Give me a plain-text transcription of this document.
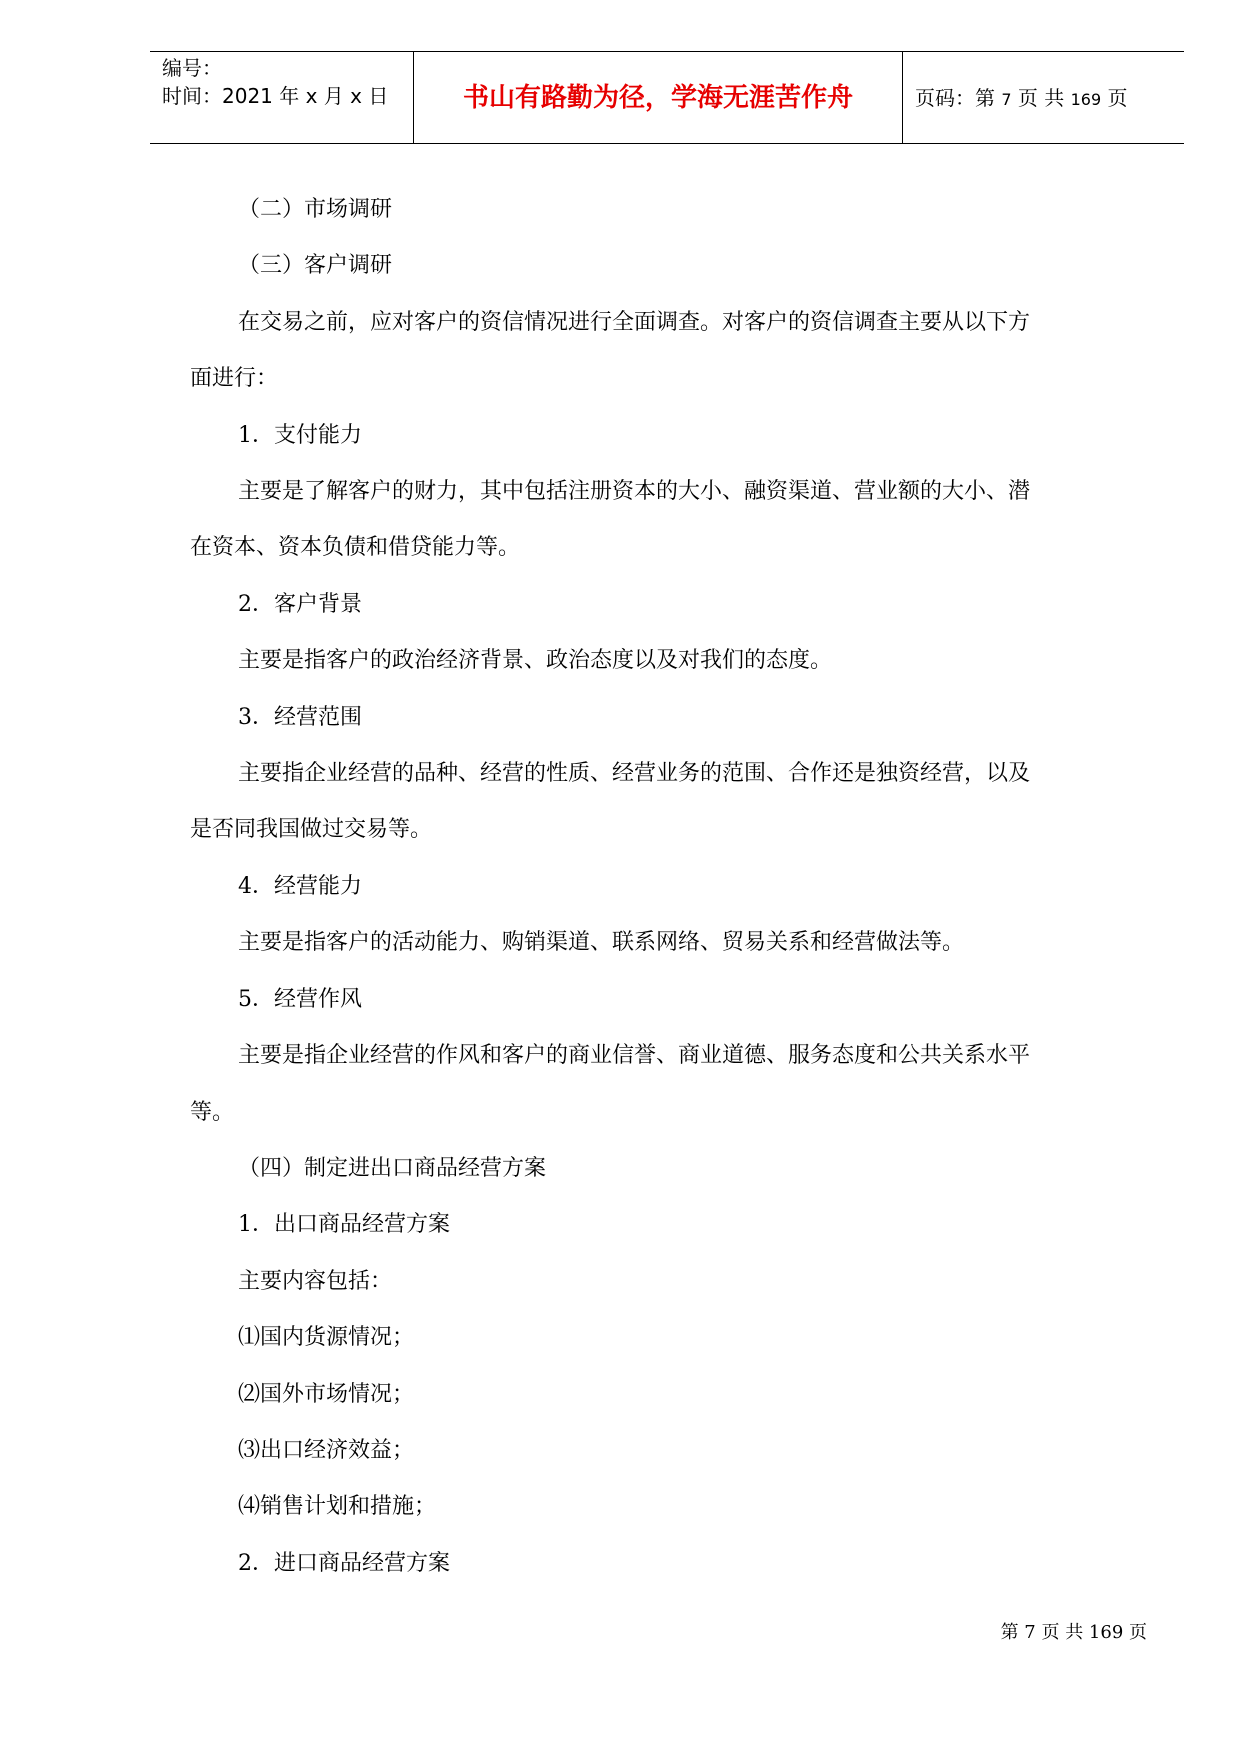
编号：
时间：2021 年 x 月 x 日	书山有路勤为径，学海无涯苦作舟	页码：第 7 页 共 169 页

（二）市场调研

（三）客户调研

在交易之前，应对客户的资信情况进行全面调查。对客户的资信调查主要从以下方

面进行：

1．支付能力

主要是了解客户的财力，其中包括注册资本的大小、融资渠道、营业额的大小、潜

在资本、资本负债和借贷能力等。

2．客户背景

主要是指客户的政治经济背景、政治态度以及对我们的态度。

3．经营范围

主要指企业经营的品种、经营的性质、经营业务的范围、合作还是独资经营，以及

是否同我国做过交易等。

4．经营能力

主要是指客户的活动能力、购销渠道、联系网络、贸易关系和经营做法等。

5．经营作风

主要是指企业经营的作风和客户的商业信誉、商业道德、服务态度和公共关系水平

等。

（四）制定进出口商品经营方案

1．出口商品经营方案

主要内容包括：

⑴国内货源情况；

⑵国外市场情况；

⑶出口经济效益；

⑷销售计划和措施；

2．进口商品经营方案

第 7 页 共 169 页
